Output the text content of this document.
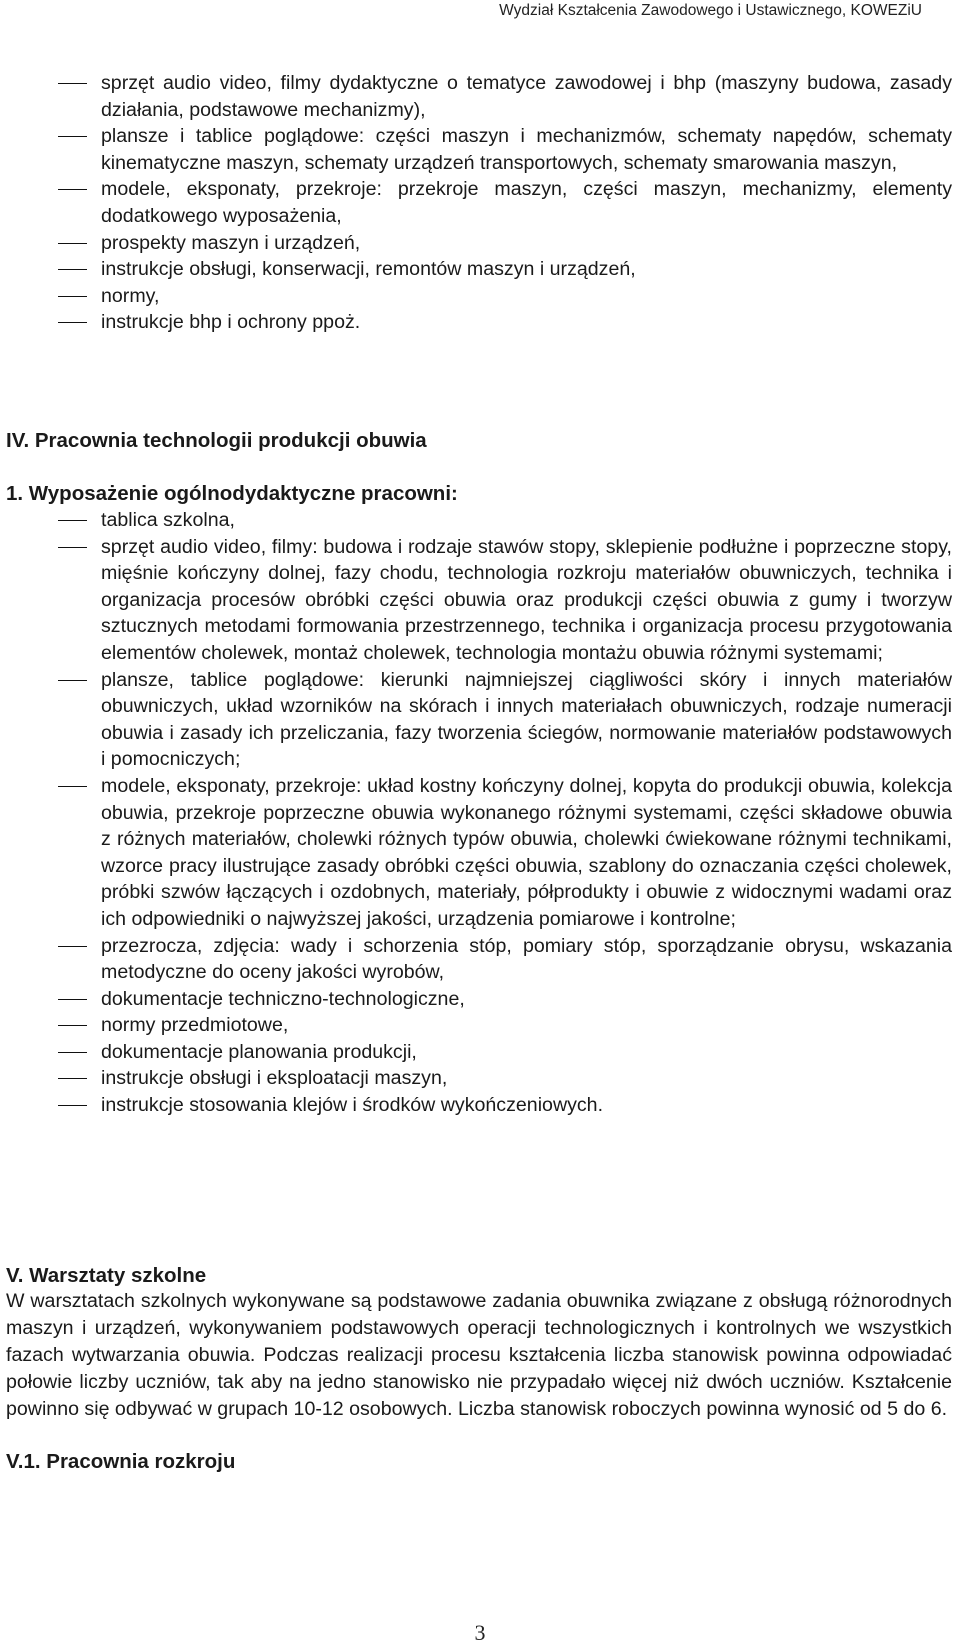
Wydział Kształcenia Zawodowego i Ustawicznego, KOWEZiU
sprzęt audio video, filmy dydaktyczne o tematyce zawodowej i bhp (maszyny budowa, zasady działania, podstawowe mechanizmy),
plansze i tablice poglądowe: części maszyn i mechanizmów, schematy napędów, schematy kinematyczne maszyn, schematy urządzeń transportowych, schematy smarowania maszyn,
modele, eksponaty, przekroje: przekroje maszyn, części maszyn, mechanizmy, elementy dodatkowego wyposażenia,
prospekty maszyn i urządzeń,
instrukcje obsługi, konserwacji, remontów maszyn i urządzeń,
normy,
instrukcje bhp i ochrony ppoż.
IV. Pracownia technologii produkcji obuwia
1. Wyposażenie ogólnodydaktyczne pracowni:
tablica szkolna,
sprzęt audio video, filmy: budowa i rodzaje stawów stopy, sklepienie podłużne i poprzeczne stopy, mięśnie kończyny dolnej, fazy chodu, technologia rozkroju materiałów obuwniczych, technika i organizacja procesów obróbki części obuwia oraz produkcji części obuwia z gumy i tworzyw sztucznych metodami formowania przestrzennego, technika i organizacja procesu przygotowania elementów cholewek, montaż cholewek, technologia montażu obuwia różnymi systemami;
plansze, tablice poglądowe: kierunki najmniejszej ciągliwości skóry i innych materiałów obuwniczych, układ wzorników na skórach i innych materiałach obuwniczych, rodzaje numeracji obuwia i zasady ich przeliczania, fazy tworzenia ściegów, normowanie materiałów podstawowych i pomocniczych;
modele, eksponaty, przekroje: układ kostny kończyny dolnej, kopyta do produkcji obuwia, kolekcja obuwia, przekroje poprzeczne obuwia wykonanego różnymi systemami, części składowe obuwia z różnych materiałów, cholewki różnych typów obuwia, cholewki ćwiekowane różnymi technikami, wzorce pracy ilustrujące zasady obróbki części obuwia, szablony do oznaczania części cholewek, próbki szwów łączących i ozdobnych, materiały, półprodukty i obuwie z widocznymi wadami oraz ich odpowiedniki o najwyższej jakości, urządzenia pomiarowe i kontrolne;
przezrocza, zdjęcia: wady i schorzenia stóp, pomiary stóp, sporządzanie obrysu, wskazania metodyczne do oceny jakości wyrobów,
dokumentacje techniczno-technologiczne,
normy przedmiotowe,
dokumentacje planowania produkcji,
instrukcje obsługi i eksploatacji maszyn,
instrukcje stosowania klejów i środków wykończeniowych.
V. Warsztaty szkolne

W warsztatach szkolnych wykonywane są podstawowe zadania obuwnika związane z obsługą różnorodnych maszyn i urządzeń, wykonywaniem podstawowych operacji technologicznych i kontrolnych we wszystkich fazach wytwarzania obuwia. Podczas realizacji procesu kształcenia liczba stanowisk powinna odpowiadać połowie liczby uczniów, tak aby na jedno stanowisko nie przypadało więcej niż dwóch uczniów. Kształcenie powinno się odbywać w grupach 10-12 osobowych. Liczba stanowisk roboczych powinna wynosić od 5 do 6.

V.1. Pracownia rozkroju
3
